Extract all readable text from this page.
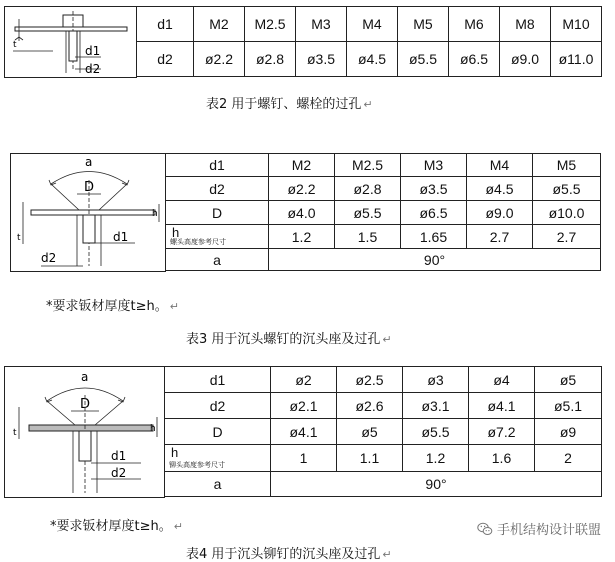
t	d1
d2
d1	M2	M2.5	M3	M4	M5	M6	M8	M10
d2	ø2.2	ø2.8	ø3.5	ø4.5	ø5.5	ø6.5	ø9.0	ø11.0
表2 用于螺钉、螺栓的过孔 ↵
a
D
t
h
d1
d2
d1	M2	M2.5	M3	M4	M5
d2	ø2.2	ø2.8	ø3.5	ø4.5	ø5.5
D	ø4.0	ø5.5	ø6.5	ø9.0	ø10.0

h
螺头高度参考尺寸	1.2	1.5	1.65	2.7	2.7
a	90°				
*要求钣材厚度t≥h。 ↵
表3 用于沉头螺钉的沉头座及过孔 ↵
a
D
t	h
d1
d2
d1	ø2	ø2.5	ø3	ø4	ø5
d2	ø2.1	ø2.6	ø3.1	ø4.1	ø5.1
D	ø4.1	ø5	ø5.5	ø7.2	ø9

h
铆头高度参考尺寸	1	1.1	1.2	1.6	2
a	90°				
*要求钣材厚度t≥h。 ↵	手机结构设计联盟
表4 用于沉头铆钉的沉头座及过孔 ↵
